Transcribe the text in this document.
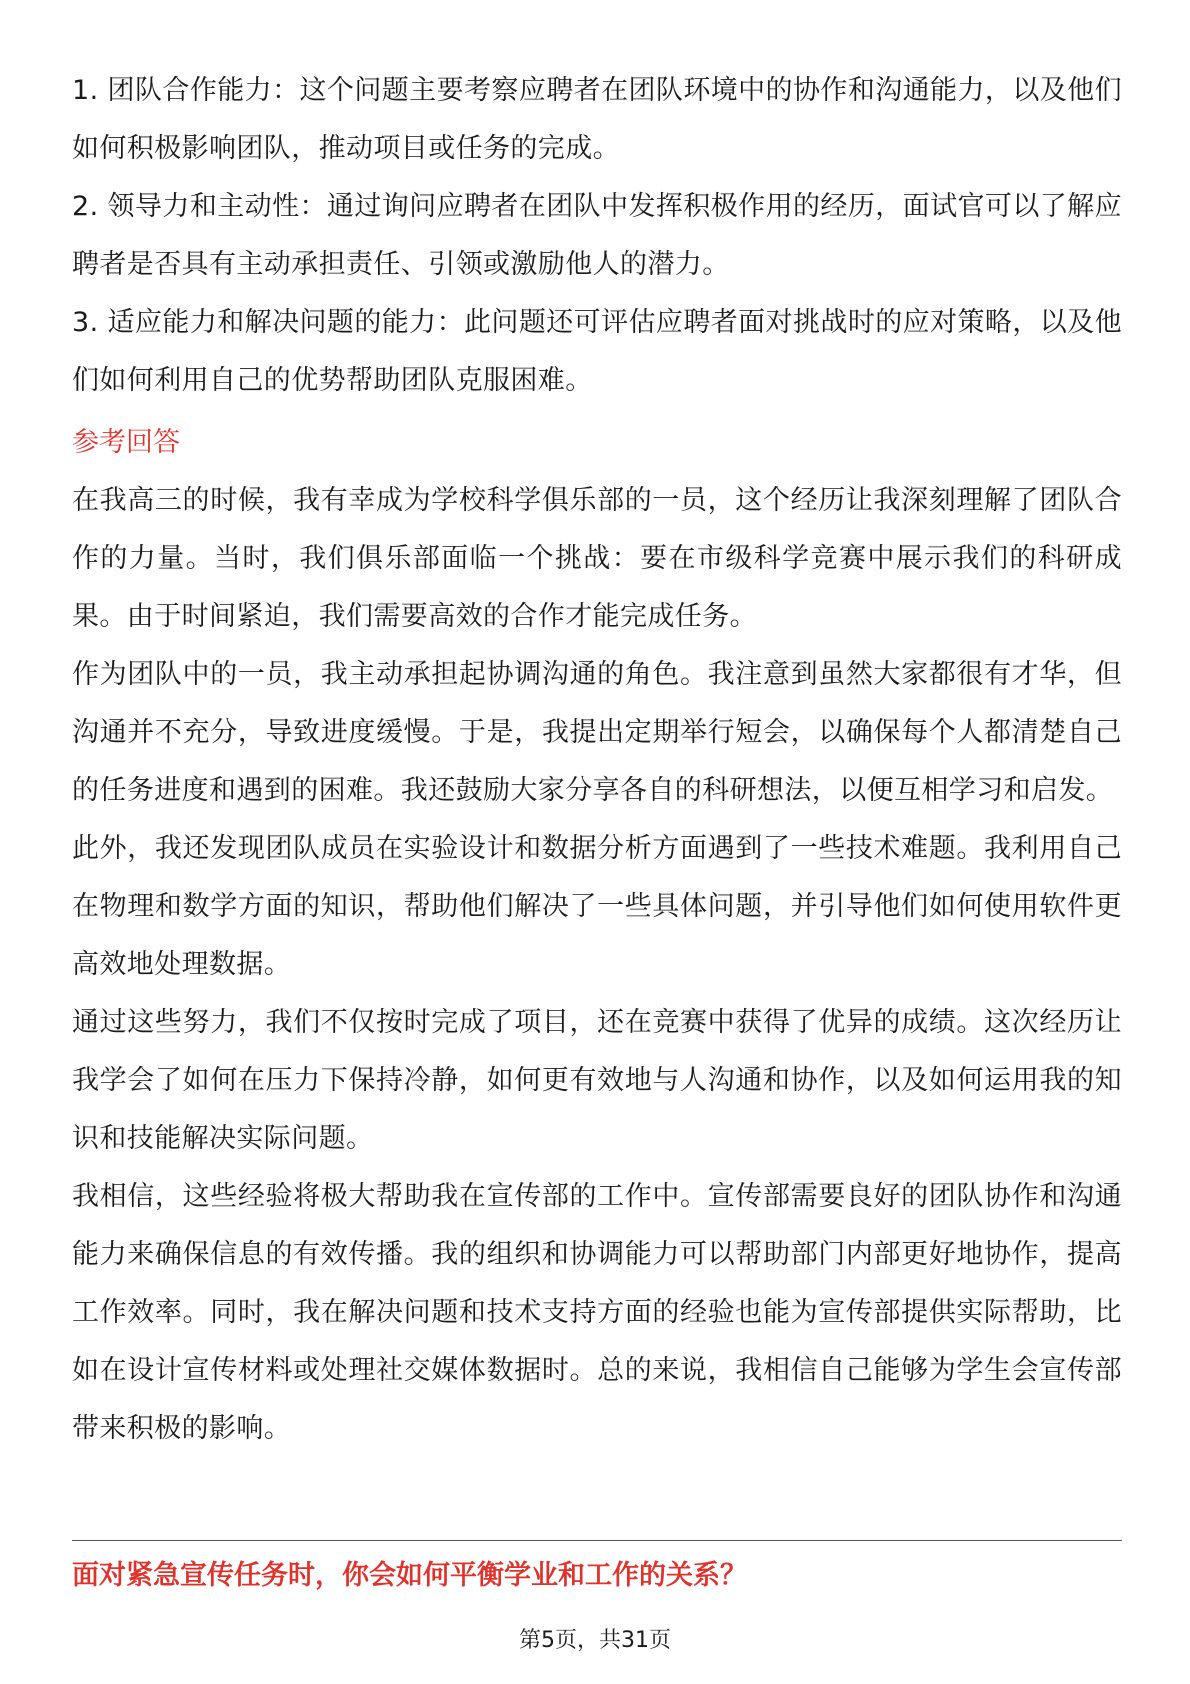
1. 团队合作能力：这个问题主要考察应聘者在团队环境中的协作和沟通能力，以及他们如何积极影响团队，推动项目或任务的完成。

2. 领导力和主动性：通过询问应聘者在团队中发挥积极作用的经历，面试官可以了解应聘者是否具有主动承担责任、引领或激励他人的潜力。

3. 适应能力和解决问题的能力：此问题还可评估应聘者面对挑战时的应对策略，以及他们如何利用自己的优势帮助团队克服困难。

参考回答

在我高三的时候，我有幸成为学校科学俱乐部的一员，这个经历让我深刻理解了团队合作的力量。当时，我们俱乐部面临一个挑战：要在市级科学竞赛中展示我们的科研成果。由于时间紧迫，我们需要高效的合作才能完成任务。

作为团队中的一员，我主动承担起协调沟通的角色。我注意到虽然大家都很有才华，但沟通并不充分，导致进度缓慢。于是，我提出定期举行短会，以确保每个人都清楚自己的任务进度和遇到的困难。我还鼓励大家分享各自的科研想法，以便互相学习和启发。

此外，我还发现团队成员在实验设计和数据分析方面遇到了一些技术难题。我利用自己在物理和数学方面的知识，帮助他们解决了一些具体问题，并引导他们如何使用软件更高效地处理数据。

通过这些努力，我们不仅按时完成了项目，还在竞赛中获得了优异的成绩。这次经历让我学会了如何在压力下保持冷静，如何更有效地与人沟通和协作，以及如何运用我的知识和技能解决实际问题。

我相信，这些经验将极大帮助我在宣传部的工作中。宣传部需要良好的团队协作和沟通能力来确保信息的有效传播。我的组织和协调能力可以帮助部门内部更好地协作，提高工作效率。同时，我在解决问题和技术支持方面的经验也能为宣传部提供实际帮助，比如在设计宣传材料或处理社交媒体数据时。总的来说，我相信自己能够为学生会宣传部带来积极的影响。

面对紧急宣传任务时，你会如何平衡学业和工作的关系？

第5页，共31页
